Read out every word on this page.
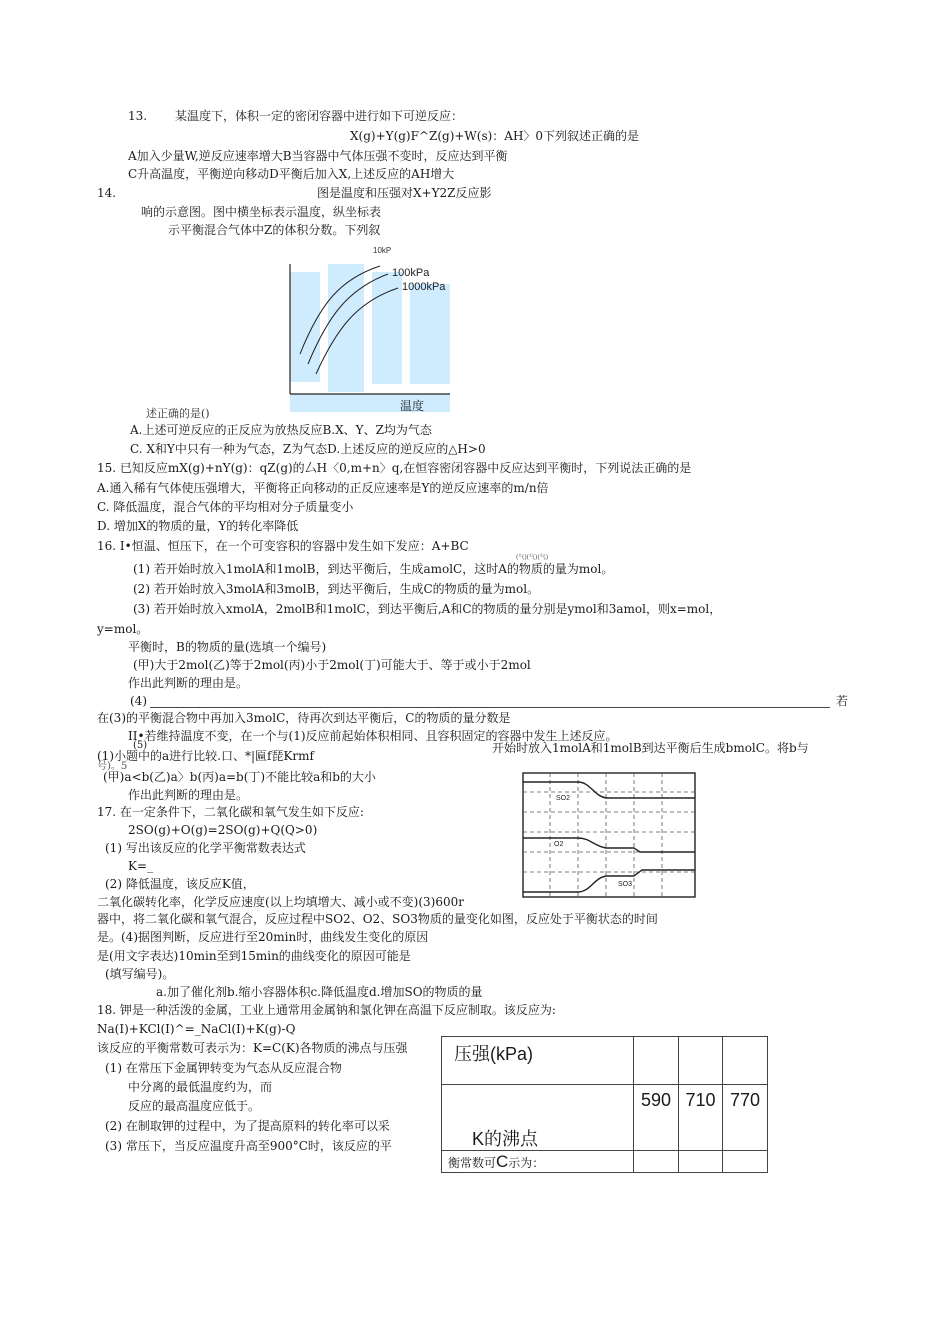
13. 某温度下，体积一定的密闭容器中进行如下可逆反应：
X(g)+Y(g)F^Z(g)+W(s)：AH〉0下列叙述正确的是
A加入少量W,逆反应速率增大B当容器中气体压强不变时，反应达到平衡
C升高温度，平衡逆向移动D平衡后加入X,上述反应的AH增大
14.	图是温度和压强对X+Y2Z反应影
响的示意图。图中横坐标表示温度，纵坐标表
示平衡混合气体中Z的体积分数。下列叙
10kP
100kPa
1000kPa
温度
述正确的是()
A.上述可逆反应的正反应为放热反应B.X、Y、Z均为气态
C. X和Y中只有一种为气态，Z为气态D.上述反应的逆反应的△H>0
15. 已知反应mX(g)+nY(g)：qZ(g)的厶H〈0,m+n〉q,在恒容密闭容器中反应达到平衡时，下列说法正确的是
A.通入稀有气体使压强增大，平衡将正向移动的正反应速率是Y的逆反应速率的m/n倍
C. 降低温度，混合气体的平均相对分子质量变小
D. 增加X的物质的量，Y的转化率降低
16. I•恒温、恒压下，在一个可变容积的容器中发生如下发应：A+BC
(气)(气)(气)
(1) 若开始时放入1molA和1molB，到达平衡后，生成amolC，这时A的物质的量为mol。
(2) 若开始时放入3molA和3molB，到达平衡后，生成C的物质的量为mol。
(3) 若开始时放入xmolA，2molB和1molC，到达平衡后,A和C的物质的量分别是ymol和3amol，则x=mol，
y=mol。
平衡时，B的物质的量(选填一个编号)
(甲)大于2mol(乙)等于2mol(丙)小于2mol(丁)可能大于、等于或小于2mol
作出此判断的理由是。
(4)	若
在(3)的平衡混合物中再加入3molC，待再次到达平衡后，C的物质的量分数是
II•若维持温度不变，在一个与(1)反应前起始体积相同、且容积固定的容器中发生上述反应。
(5)	开始时放入1molA和1molB到达平衡后生成bmolC。将b与
(1)小题中的a进行比较.口、*|匾f琵Krmf
号)。5
(甲)a<b(乙)a〉b(丙)a=b(丁)不能比较a和b的大小
作出此判断的理由是。	SO2
O2
SO3
17. 在一定条件下，二氧化碳和氧气发生如下反应:
2SO(g)+O(g)=2SO(g)+Q(Q>0)
(1) 写出该反应的化学平衡常数表达式
K=_
(2) 降低温度，该反应K值，
二氧化碳转化率，化学反应速度(以上均填增大、减小或不变)(3)600r
器中，将二氧化碳和氧气混合，反应过程中SO2、O2、SO3物质的量变化如图，反应处于平衡状态的时间
是。(4)据图判断，反应进行至20min时，曲线发生变化的原因
是(用文字表达)10min至到15min的曲线变化的原因可能是
(填写编号)。
a.加了催化剂b.缩小容器体积c.降低温度d.增加SO的物质的量
18. 钾是一种活泼的金属，工业上通常用金属钠和氯化钾在高温下反应制取。该反应为:
Na(I)+KCl(I)^=_NaCl(I)+K(g)-Q
该反应的平衡常数可表示为：K=C(K)各物质的沸点与压强
(1) 在常压下金属钾转变为气态从反应混合物
中分离的最低温度约为，而
反应的最高温度应低于。
(2) 在制取钾的过程中，为了提高原料的转化率可以采
(3) 常压下，当反应温度升高至900°C时，该反应的平
压强(kPa)			

K的沸点	590	710	770

衡常数可C示为：			
